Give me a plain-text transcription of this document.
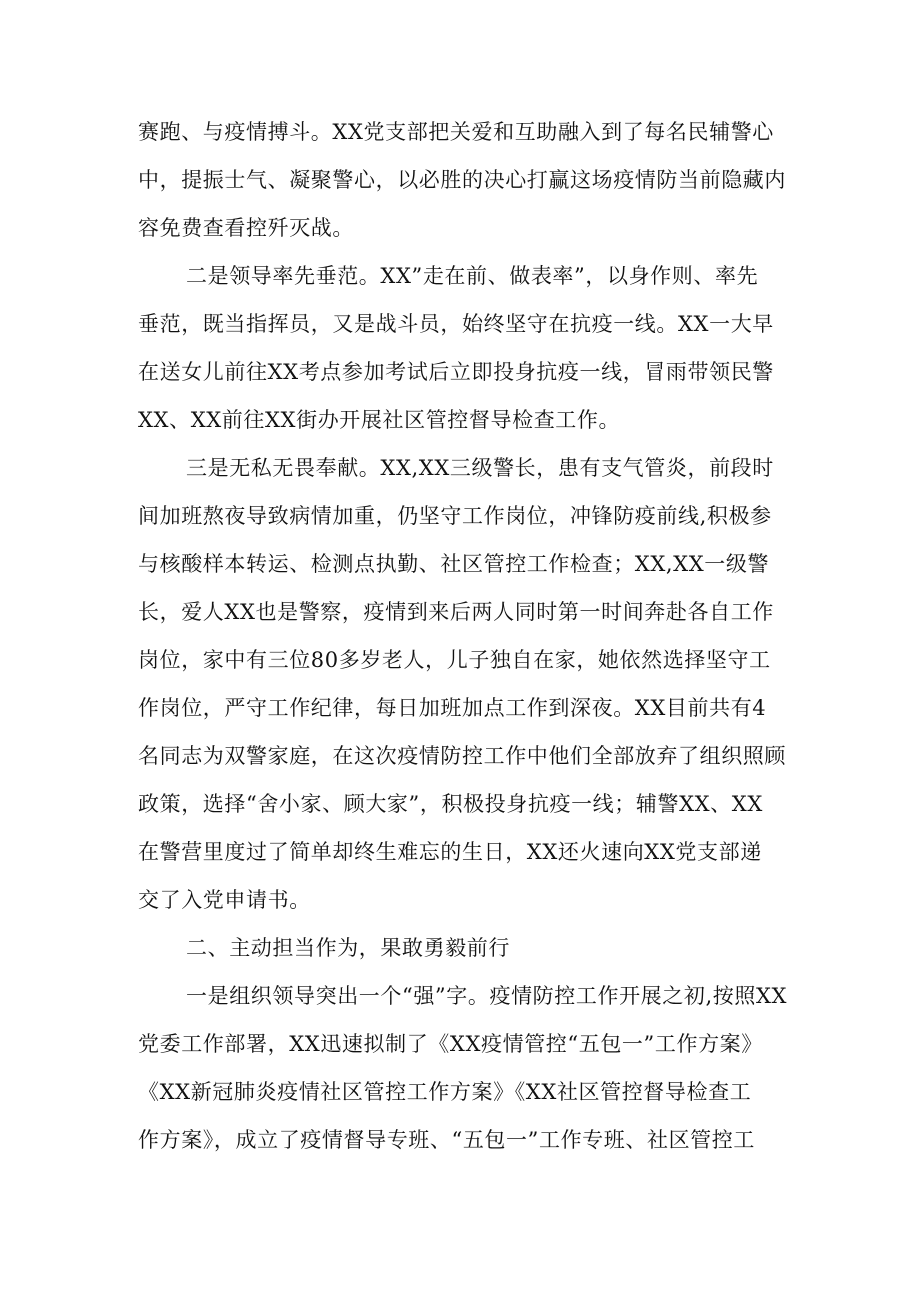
赛跑、与疫情搏斗。XX党支部把关爱和互助融入到了每名民辅警心
中，提振士气、凝聚警心，以必胜的决心打赢这场疫情防当前隐藏内
容免费查看控歼灭战。

二是领导率先垂范。XX”走在前、做表率”，以身作则、率先
垂范，既当指挥员，又是战斗员，始终坚守在抗疫一线。XX一大早
在送女儿前往XX考点参加考试后立即投身抗疫一线，冒雨带领民警
XX、XX前往XX街办开展社区管控督导检查工作。

三是无私无畏奉献。XX,XX三级警长，患有支气管炎，前段时
间加班熬夜导致病情加重，仍坚守工作岗位，冲锋防疫前线,积极参
与核酸样本转运、检测点执勤、社区管控工作检查；XX,XX一级警
长，爱人XX也是警察，疫情到来后两人同时第一时间奔赴各自工作
岗位，家中有三位80多岁老人，儿子独自在家，她依然选择坚守工
作岗位，严守工作纪律，每日加班加点工作到深夜。XX目前共有4
名同志为双警家庭，在这次疫情防控工作中他们全部放弃了组织照顾
政策，选择“舍小家、顾大家”，积极投身抗疫一线；辅警XX、XX
在警营里度过了简单却终生难忘的生日，XX还火速向XX党支部递
交了入党申请书。

二、主动担当作为，果敢勇毅前行

一是组织领导突出一个“强”字。疫情防控工作开展之初,按照XX
党委工作部署，XX迅速拟制了《XX疫情管控“五包一”工作方案》
《XX新冠肺炎疫情社区管控工作方案》《XX社区管控督导检查工
作方案》，成立了疫情督导专班、“五包一”工作专班、社区管控工
